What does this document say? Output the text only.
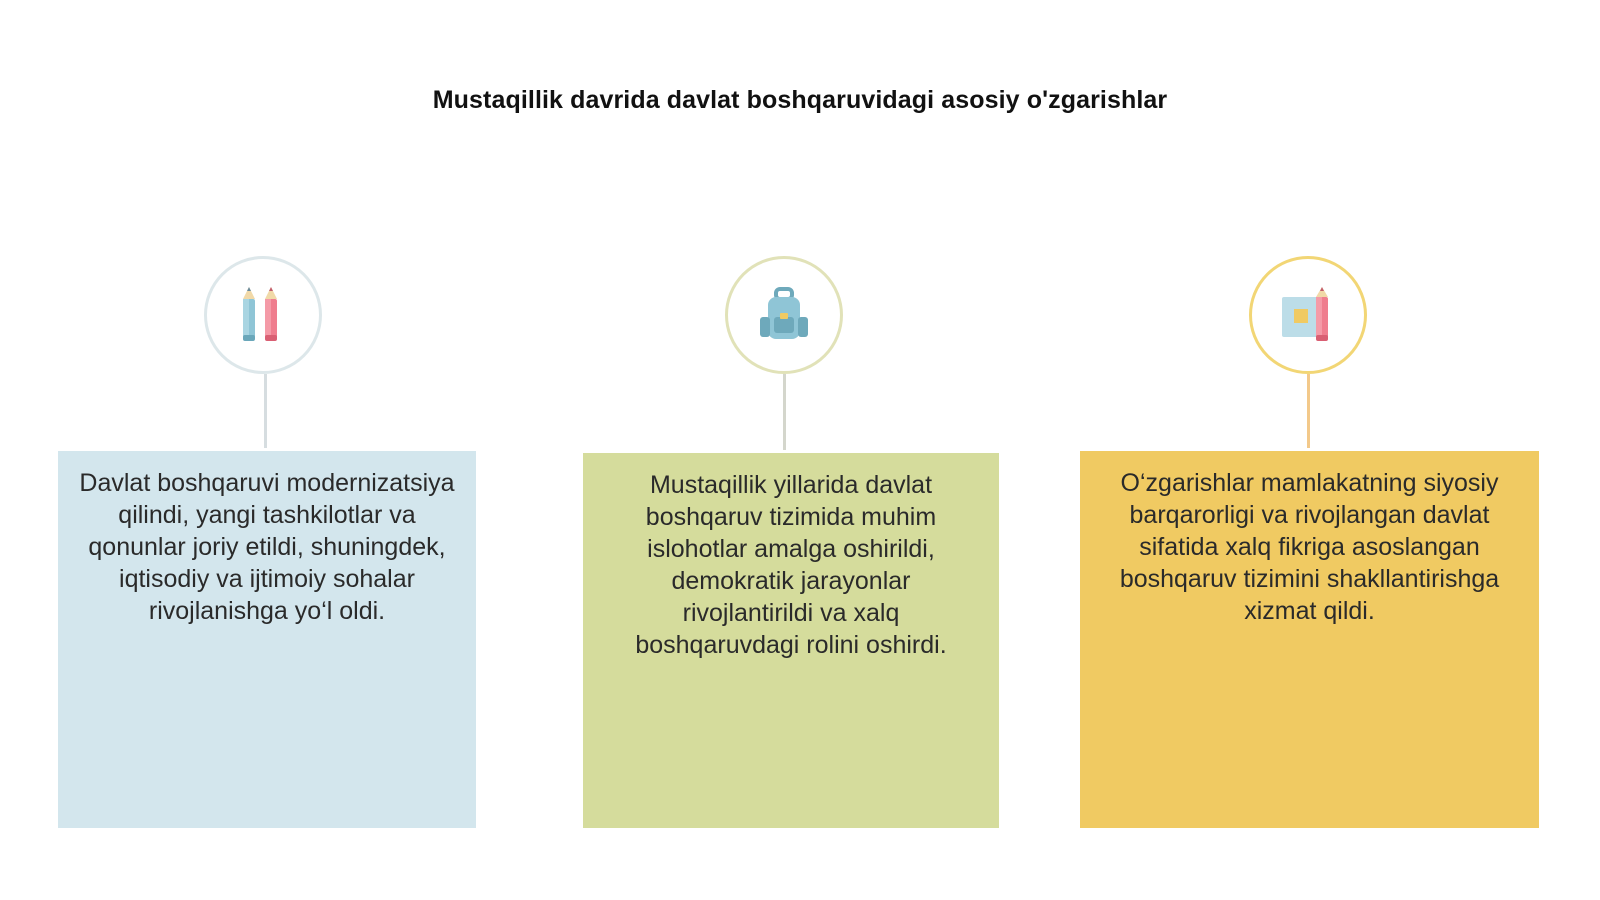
Mustaqillik davrida davlat boshqaruvidagi asosiy o'zgarishlar
Davlat boshqaruvi modernizatsiya qilindi, yangi tashkilotlar va qonunlar joriy etildi, shuningdek, iqtisodiy va ijtimoiy sohalar rivojlanishga yo‘l oldi.
Mustaqillik yillarida davlat boshqaruv tizimida muhim islohotlar amalga oshirildi, demokratik jarayonlar rivojlantirildi va xalq boshqaruvdagi rolini oshirdi.
O‘zgarishlar mamlakatning siyosiy barqarorligi va rivojlangan davlat sifatida xalq fikriga asoslangan boshqaruv tizimini shakllantirishga xizmat qildi.
